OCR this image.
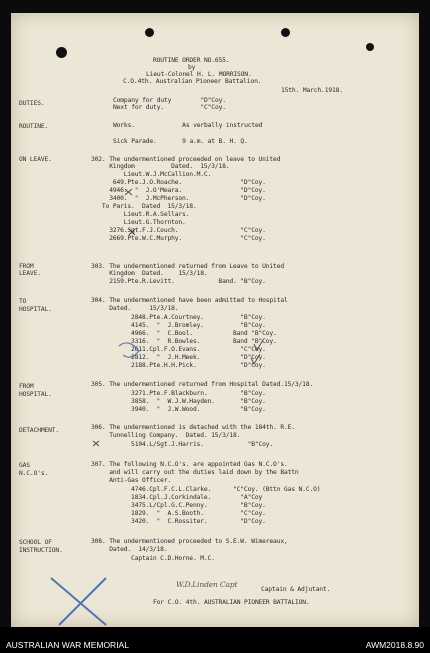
ROUTINE ORDER NO.655.
by
Lieut-Colonel H. L. MORRISON.
C.O.4th. Australian Pioneer Battalion.
15th. March.1918.
DUTIES.	Company for duty        "D"Coy.
Next for duty.          "C"Coy.
ROUTINE.	Works.             As verbally instructed
Sick Parade.       9 a.m. at B. H. Q.
ON LEAVE.	302. The undermentioned proceeded on leave to United
Kingdom          Dated.  15/3/18.
Lieut.W.J.McCallion.M.C.
649.Pte.J.O.Roache.                "D"Coy.
4946.  "  J.O'Meara.                "D"Coy.
3400.  "  J.McPherson.              "D"Coy.
To Paris.  Dated  15/3/18.
Lieut.R.A.Sellars.
Lieut.G.Thornton.
3276.Sgt.F.J.Couch.                 "C"Coy.
2669.Pte.W.C.Murphy.                "C"Coy.
FROM
LEAVE.
303. The undermentioned returned from Leave to United
Kingdom  Dated.    15/3/18.
2159.Pte.R.Levitt.            Band. "B"Coy.
TO
HOSPITAL.
304. The undermentioned have been admitted to Hospital
Dated.     15/3/18.
2848.Pte.A.Courtney.          "B"Coy.
4145.  "  J.Bromley.          "B"Coy.
4966.  "  C.Bool.           Band "B"Coy.
3316.  "  R.Bowles.         Band "B"Coy.
2611.Cpl.F.O.Evans.           "C"Coy.
2812.  "  J.H.Meek.           "D"Coy.
2188.Pte.H.H.Pick.            "D"Coy.
FROM
HOSPITAL.
305. The undermentioned returned from Hospital Dated.15/3/18.
3271.Pte.F.Blackburn.         "B"Coy.
3858.  "  W.J.W.Hayden.       "B"Coy.
3940.  "  J.W.Wood.           "B"Coy.
DETACHMENT.	306. The undermentioned is detached with the 184th. R.E.
Tunnelling Company.  Dated. 15/3/18.
5104.L/Sgt.J.Harris.            "B"Coy.
GAS
N.C.O's.
307. The following N.C.O's. are appointed Gas N.C.O's.
and will carry out the duties laid down by the Battn
Anti-Gas Officer.
4746.Cpl.F.C.L.Clarke.      "C"Coy. (Bttn Gas N.C.O)
1834.Cpl.J.Corkindale.        "A"Coy
3475.L/Cpl.G.C.Penny.         "B"Coy.
1829.  "  A.S.Booth.          "C"Coy.
3420.  "  C.Rossiter.         "D"Coy.
SCHOOL OF
INSTRUCTION.
308. The undermentioned proceeded to S.E.W. Wimereaux,
Dated.  14/3/18.
Captain C.D.Horne. M.C.
W.D.Linden Capt
Captain & Adjutant.
For C.O. 4th. AUSTRALIAN PIONEER BATTALION.
AUSTRALIAN WAR MEMORIAL	AWM2018.8.90
